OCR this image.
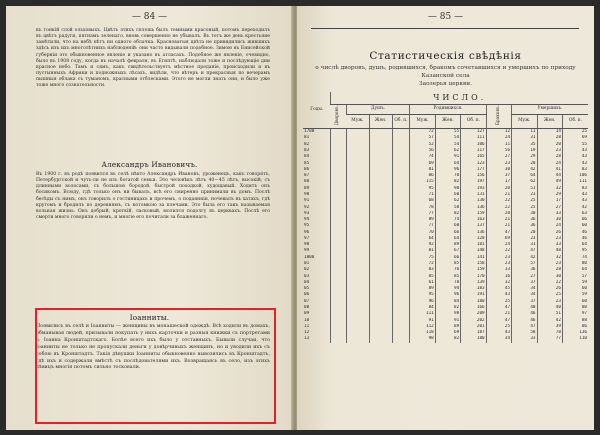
— 84 —
въ тонкій слой ольховыхъ. Цвѣтъ этихъ сплошь былъ темными красоный, потомъ переходилъ въ цвѣтъ радуги, пятнамъ зеленаго, вновь совершенно не убывалъ. Въ тотъ же день крестьяне замѣтили, что на небѣ нѣтъ ни одного облачка. Красноватыя цвѣта не привидились жившихъ здѣсь изъ ихъ многолѣтнихъ наблюденій: они часто видывали подобное. Зимою въ Енисейской губерніи это обыкновенное явленіе и указано въ атласахъ. Подобное же явленіе, очевидно, было въ 1908 году, когда въ началѣ февраля, въ Египтѣ, наблюдали тоже и послѣдующіе дни красное небо. Тамъ и сямъ, какъ свидѣтельствуетъ мѣстное преданіе, происходили и въ пустынныхъ Африки и подножныхъ лѣсахъ, видѣли, что вѣтеръ и прекрасныя по вечерамъ пышныя облака съ туманомъ, красными отблесками. Этого не могли знать они, и было уже тоже много сознательности.
Александръ Ивановичъ.
Въ 1900 г. въ родѣ появился въ селѣ нѣкто Александръ Ивановъ, уроженецъ, какъ говорятъ, Петербургской и чуть-ли не изъ богатой семьи. Это человѣкъ лѣтъ 40—45 лѣтъ, высокій, съ длинными волосами, съ большою бородой, быстрой походкой, худощавый. Ходитъ онъ босикомъ. Всюду, гдѣ только онъ ни бывалъ, всѣ его смиренно принимали въ домъ. Послѣ бесѣды съ нимъ, онъ говорилъ о гостиницахъ и прочемъ, о подаянніи, ночевалъ въ хатахъ, гдѣ кругомъ и бродилъ по деревнямъ, съ котомкою за плечами. Это была его такъ называемая вольная жизнь. Онъ добрый, кроткій, ласковый, молился подолгу въ церквахъ. Послѣ его смерти много говорили о немъ, и многіе его почитали за блаженнаго.
Іоанниты.
Появились въ селѣ и Іоанниты — женщины въ монашеской одеждѣ. Всѣ ходили въ домахъ, обманывая людей, призывали покупать у нихъ карточки и разныя книжки съ портретами о. Іоанна Кронштадтскаго. Болѣе всего ихъ было у отставныхъ. Бывали случаи, что Іоанниты не только не пропускали деньги у довѣрчивыхъ женщинъ, но и уводили ихъ съ собою въ Кронштадтъ. Такія дѣвушки Іоанниты обыкновенно вывозились въ Кронштадтъ, гдѣ ихъ и содержали вмѣстѣ съ послѣдователями ихъ. Возвращаясь въ село, изъ этихъ дѣвицъ многія потомъ сильно тосковали.
— 85 —
Статистическія свѣдѣнія
о числѣ дворовъ, душъ, родившихся, бракомъ сочетавшихся и умершихъ по приходу Казанской села
Заозерья церкви.
Годы.	ЧИСЛО.										
	Дворовъ.	Душъ.			Родившихся.			Браковъ.	Умершихъ.		
		Муж.	Жен.	Об. п.	Муж.	Жен.	Об. п.		Муж.	Жен.	Об. п.
1780					72	55	127	12	11	14	25
81					57	54	111	24	31	28	69
82					52	54	106	11	35	20	55
83					56	62	117	56	19	23	43
84					74	91	165	27	29	28	43
85					69	64	123	23	20	24	43
86					81	96	177	30	42	41	83
87					86	70	156	37	64	44	106
88					115	82	197	17	62	49	111
89					95	98	193	20	51	32	83
90					71	60	131	21	23	29	43
91					68	62	130	22	25	17	43
92					78	58	136	22	25	27	42
93					77	82	159	20	30	33	63
94					89	74	163	21	36	30	66
95					77	60	137	21	36	24	60
96					70	66	136	47	20	26	46
97					64	64	128	69	23	23	46
98					92	89	181	24	31	33	64
99					81	67	148	22	47	48	95
1800					75	66	141	23	42	32	74
01					72	85	158	23	57	23	80
02					83	76	159	33	36	28	64
03					85	85	170	16	27	30	57
04					61	78	139	32	37	22	59
05					89	94	183	45	34	26	60
06					95	96	191	43	34	25	59
07					96	84	180	25	37	23	60
08					84	82	166	47	40	40	80
09					111	98	209	21	46	51	97
10					91	91	202	47	46	42	88
11					112	89	201	25	47	39	86
12					118	69	187	43	58	78	136
13					98	82	180	34	33	77	110
